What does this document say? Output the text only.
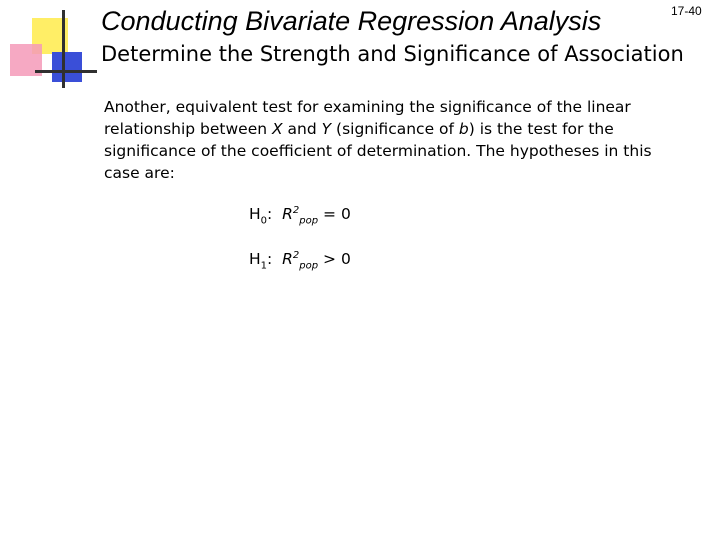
Conducting Bivariate Regression Analysis	17-40
Determine the Strength and Significance of Association

Another, equivalent test for examining the significance of the linear relationship between X and Y (significance of b) is the test for the significance of the coefficient of determination. The hypotheses in this case are:

$H_0$: $R^2_{pop} = 0$
$H_1$: $R^2_{pop} > 0$
